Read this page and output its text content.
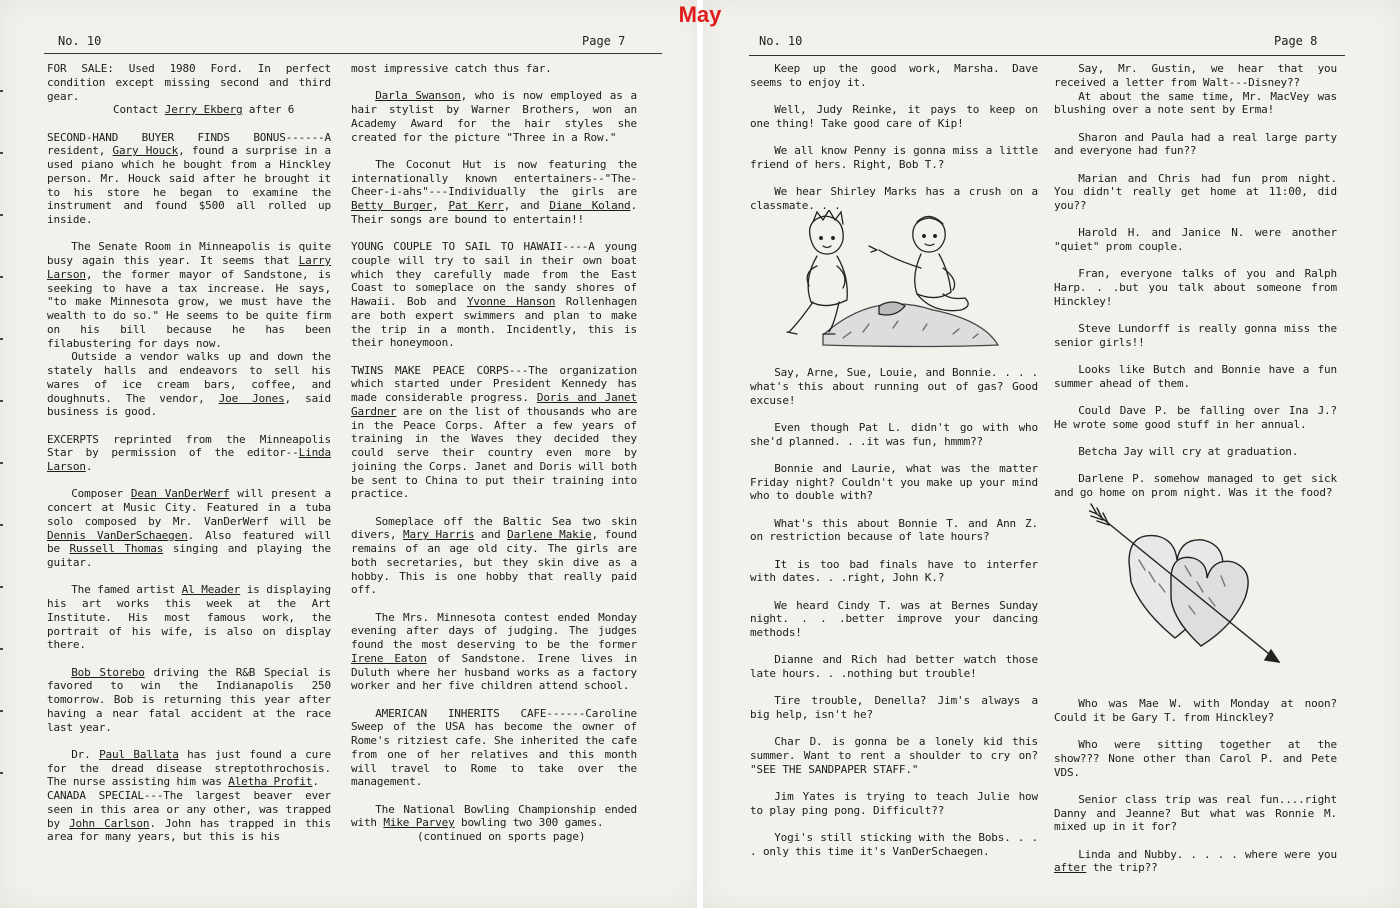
No. 10	Page 7

FOR SALE: Used 1980 Ford. In perfect condition except missing second and third gear.

Contact Jerry Ekberg after 6

SECOND-HAND BUYER FINDS BONUS------A resident, Gary Houck, found a surprise in a used piano which he bought from a Hinckley person. Mr. Houck said after he brought it to his store he began to examine the instrument and found $500 all rolled up inside.

The Senate Room in Minneapolis is quite busy again this year. It seems that Larry Larson, the former mayor of Sandstone, is seeking to have a tax increase. He says, "to make Minnesota grow, we must have the wealth to do so." He seems to be quite firm on his bill because he has been filabustering for days now.

Outside a vendor walks up and down the stately halls and endeavors to sell his wares of ice cream bars, coffee, and doughnuts. The vendor, Joe Jones, said business is good.

EXCERPTS reprinted from the Minneapolis Star by permission of the editor--Linda Larson.

Composer Dean VanDerWerf will present a concert at Music City. Featured in a tuba solo composed by Mr. VanDerWerf will be Dennis VanDerSchaegen. Also featured will be Russell Thomas singing and playing the guitar.

The famed artist Al Meader is displaying his art works this week at the Art Institute. His most famous work, the portrait of his wife, is also on display there.

Bob Storebo driving the R&B Special is favored to win the Indianapolis 250 tomorrow. Bob is returning this year after having a near fatal accident at the race last year.

Dr. Paul Ballata has just found a cure for the dread disease streptothrochosis. The nurse assisting him was Aletha Profit.

CANADA SPECIAL---The largest beaver ever seen in this area or any other, was trapped by John Carlson. John has trapped in this area for many years, but this is his

most impressive catch thus far.

Darla Swanson, who is now employed as a hair stylist by Warner Brothers, won an Academy Award for the hair styles she created for the picture "Three in a Row."

The Coconut Hut is now featuring the internationally known entertainers--"The-Cheer-i-ahs"---Individually the girls are Betty Burger, Pat Kerr, and Diane Koland. Their songs are bound to entertain!!

YOUNG COUPLE TO SAIL TO HAWAII----A young couple will try to sail in their own boat which they carefully made from the East Coast to someplace on the sandy shores of Hawaii. Bob and Yvonne Hanson Rollenhagen are both expert swimmers and plan to make the trip in a month. Incidently, this is their honeymoon.

TWINS MAKE PEACE CORPS---The organization which started under President Kennedy has made considerable progress. Doris and Janet Gardner are on the list of thousands who are in the Peace Corps. After a few years of training in the Waves they decided they could serve their country even more by joining the Corps. Janet and Doris will both be sent to China to put their training into practice.

Someplace off the Baltic Sea two skin divers, Mary Harris and Darlene Makie, found remains of an age old city. The girls are both secretaries, but they skin dive as a hobby. This is one hobby that really paid off.

The Mrs. Minnesota contest ended Monday evening after days of judging. The judges found the most deserving to be the former Irene Eaton of Sandstone. Irene lives in Duluth where her husband works as a factory worker and her five children attend school.

AMERICAN INHERITS CAFE------Caroline Sweep of the USA has become the owner of Rome's ritziest cafe. She inherited the cafe from one of her relatives and this month will travel to Rome to take over the management.

The National Bowling Championship ended with Mike Parvey bowling two 300 games.

(continued on sports page)

No. 10	Page 8

Keep up the good work, Marsha. Dave seems to enjoy it.

Well, Judy Reinke, it pays to keep on one thing! Take good care of Kip!

We all know Penny is gonna miss a little friend of hers. Right, Bob T.?

We hear Shirley Marks has a crush on a classmate. . .

Say, Arne, Sue, Louie, and Bonnie. . . . what's this about running out of gas? Good excuse!

Even though Pat L. didn't go with who she'd planned. . .it was fun, hmmm??

Bonnie and Laurie, what was the matter Friday night? Couldn't you make up your mind who to double with?

What's this about Bonnie T. and Ann Z. on restriction because of late hours?

It is too bad finals have to interfer with dates. . .right, John K.?

We heard Cindy T. was at Bernes Sunday night. . . .better improve your dancing methods!

Dianne and Rich had better watch those late hours. . .nothing but trouble!

Tire trouble, Denella? Jim's always a big help, isn't he?

Char D. is gonna be a lonely kid this summer. Want to rent a shoulder to cry on? "SEE THE SANDPAPER STAFF."

Jim Yates is trying to teach Julie how to play ping pong. Difficult??

Yogi's still sticking with the Bobs. . . . only this time it's VanDerSchaegen.

Say, Mr. Gustin, we hear that you received a letter from Walt---Disney??

At about the same time, Mr. MacVey was blushing over a note sent by Erma!

Sharon and Paula had a real large party and everyone had fun??

Marian and Chris had fun prom night. You didn't really get home at 11:00, did you??

Harold H. and Janice N. were another "quiet" prom couple.

Fran, everyone talks of you and Ralph Harp. . .but you talk about someone from Hinckley!

Steve Lundorff is really gonna miss the senior girls!!

Looks like Butch and Bonnie have a fun summer ahead of them.

Could Dave P. be falling over Ina J.? He wrote some good stuff in her annual.

Betcha Jay will cry at graduation.

Darlene P. somehow managed to get sick and go home on prom night. Was it the food?

Who was Mae W. with Monday at noon? Could it be Gary T. from Hinckley?

Who were sitting together at the show??? None other than Carol P. and Pete VDS.

Senior class trip was real fun....right Danny and Jeanne? But what was Ronnie M. mixed up in it for?

Linda and Nubby. . . . . where were you after the trip??

May
